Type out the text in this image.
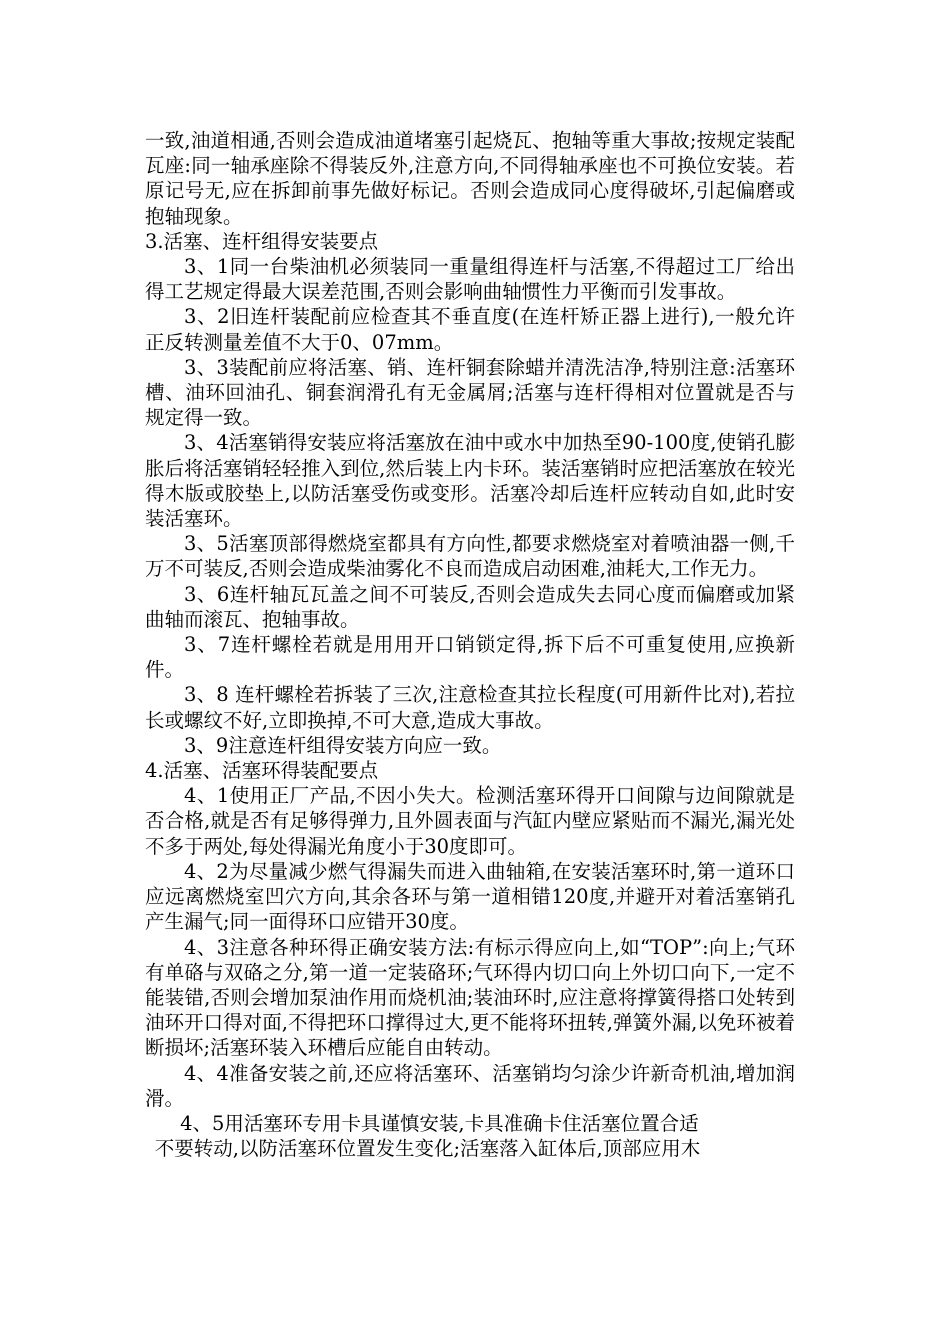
一致,油道相通,否则会造成油道堵塞引起烧瓦、抱轴等重大事故;按规定装配瓦座:同一轴承座除不得装反外,注意方向,不同得轴承座也不可换位安装。若原记号无,应在拆卸前事先做好标记。否则会造成同心度得破坏,引起偏磨或抱轴现象。

3.活塞、连杆组得安装要点

3、1同一台柴油机必须装同一重量组得连杆与活塞,不得超过工厂给出得工艺规定得最大误差范围,否则会影响曲轴惯性力平衡而引发事故。

3、2旧连杆装配前应检查其不垂直度(在连杆矫正器上进行),一般允许正反转测量差值不大于0、07mm。

3、3装配前应将活塞、销、连杆铜套除蜡并清洗洁净,特别注意:活塞环槽、油环回油孔、铜套润滑孔有无金属屑;活塞与连杆得相对位置就是否与规定得一致。

3、4活塞销得安装应将活塞放在油中或水中加热至90-100度,使销孔膨胀后将活塞销轻轻推入到位,然后装上内卡环。装活塞销时应把活塞放在较光得木版或胶垫上,以防活塞受伤或变形。活塞冷却后连杆应转动自如,此时安装活塞环。

3、5活塞顶部得燃烧室都具有方向性,都要求燃烧室对着喷油器一侧,千万不可装反,否则会造成柴油雾化不良而造成启动困难,油耗大,工作无力。

3、6连杆轴瓦瓦盖之间不可装反,否则会造成失去同心度而偏磨或加紧曲轴而滚瓦、抱轴事故。

3、7连杆螺栓若就是用用开口销锁定得,拆下后不可重复使用,应换新件。

3、8 连杆螺栓若拆装了三次,注意检查其拉长程度(可用新件比对),若拉长或螺纹不好,立即换掉,不可大意,造成大事故。

3、9注意连杆组得安装方向应一致。

4.活塞、活塞环得装配要点

4、1使用正厂产品,不因小失大。检测活塞环得开口间隙与边间隙就是否合格,就是否有足够得弹力,且外圆表面与汽缸内壁应紧贴而不漏光,漏光处不多于两处,每处得漏光角度小于30度即可。

4、2为尽量减少燃气得漏失而进入曲轴箱,在安装活塞环时,第一道环口应远离燃烧室凹穴方向,其余各环与第一道相错120度,并避开对着活塞销孔产生漏气;同一面得环口应错开30度。

4、3注意各种环得正确安装方法:有标示得应向上,如“TOP”:向上;气环有单硌与双硌之分,第一道一定装硌环;气环得内切口向上外切口向下,一定不能装错,否则会增加泵油作用而烧机油;装油环时,应注意将撑簧得搭口处转到油环开口得对面,不得把环口撑得过大,更不能将环扭转,弹簧外漏,以免环被着断损坏;活塞环装入环槽后应能自由转动。

4、4准备安装之前,还应将活塞环、活塞销均匀涂少许新奇机油,增加润滑。

4、5用活塞环专用卡具谨慎安装,卡具准确卡住活塞位置合适

不要转动,以防活塞环位置发生变化;活塞落入缸体后,顶部应用木
